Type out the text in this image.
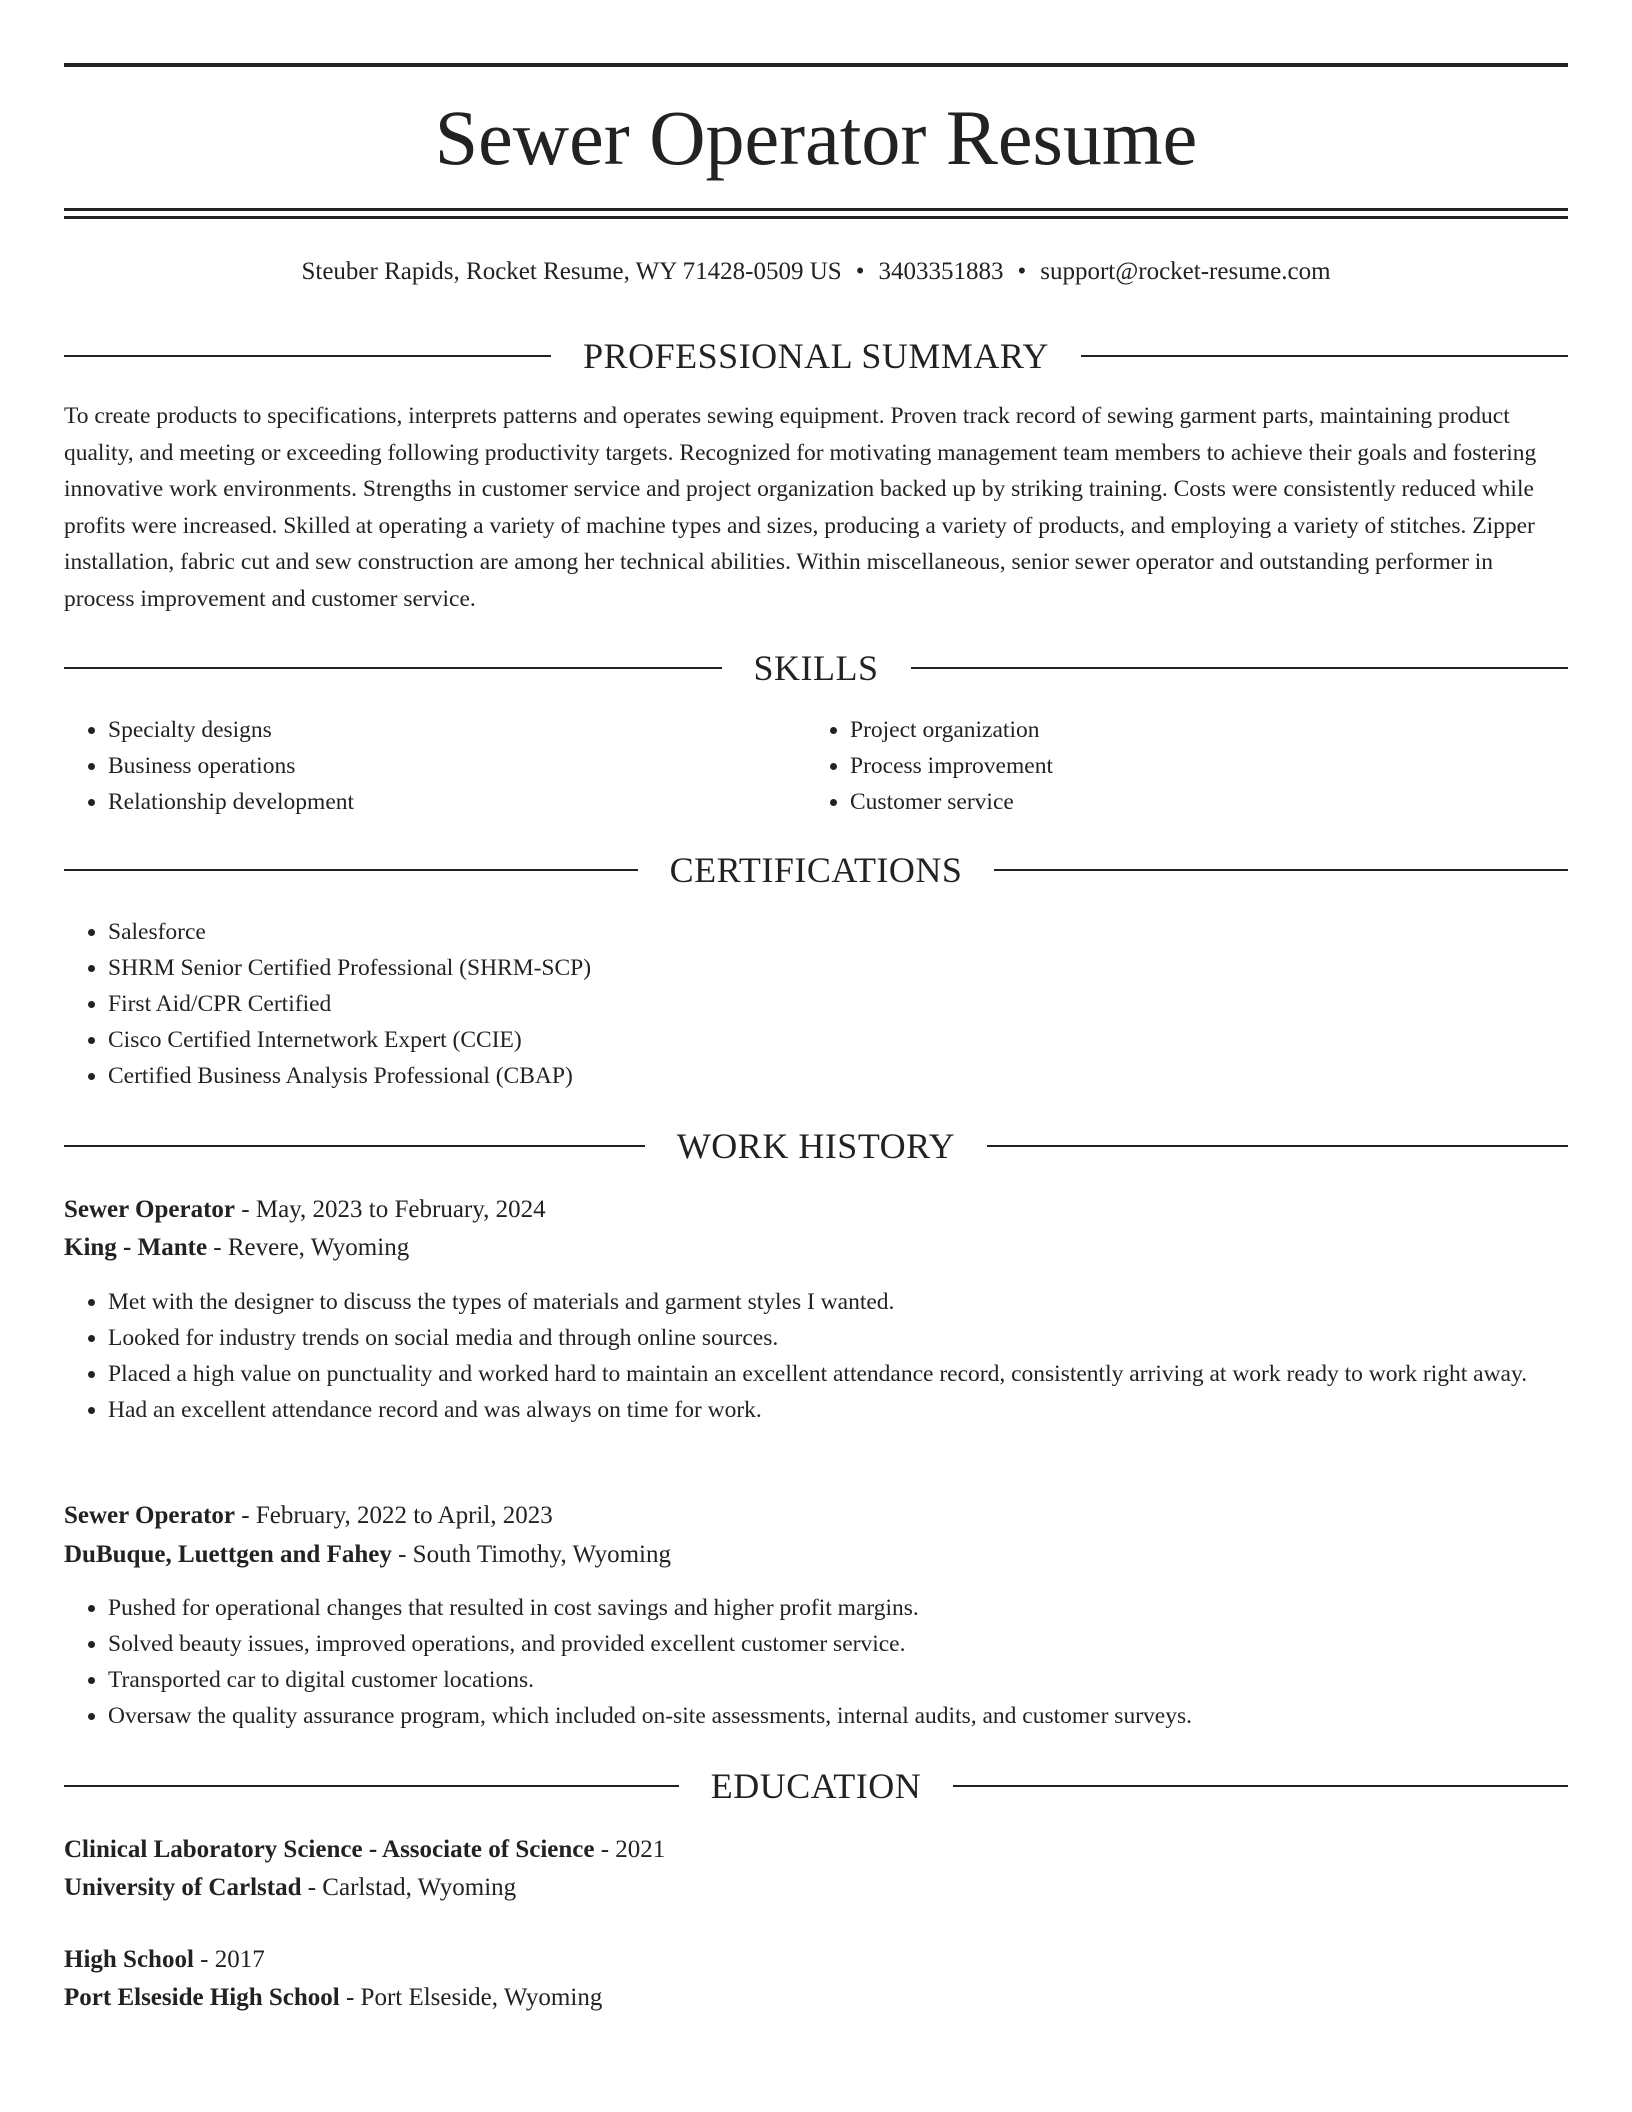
Sewer Operator Resume
Steuber Rapids, Rocket Resume, WY 71428-0509 US • 3403351883 • support@rocket-resume.com
PROFESSIONAL SUMMARY

To create products to specifications, interprets patterns and operates sewing equipment. Proven track record of sewing garment parts, maintaining product quality, and meeting or exceeding following productivity targets. Recognized for motivating management team members to achieve their goals and fostering innovative work environments. Strengths in customer service and project organization backed up by striking training. Costs were consistently reduced while profits were increased. Skilled at operating a variety of machine types and sizes, producing a variety of products, and employing a variety of stitches. Zipper installation, fabric cut and sew construction are among her technical abilities. Within miscellaneous, senior sewer operator and outstanding performer in process improvement and customer service.

SKILLS
• Specialty designs
• Business operations
• Relationship development
• Project organization
• Process improvement
• Customer service
CERTIFICATIONS
• Salesforce
• SHRM Senior Certified Professional (SHRM-SCP)
• First Aid/CPR Certified
• Cisco Certified Internetwork Expert (CCIE)
• Certified Business Analysis Professional (CBAP)
WORK HISTORY
Sewer Operator - May, 2023 to February, 2024
King - Mante - Revere, Wyoming
• Met with the designer to discuss the types of materials and garment styles I wanted.
• Looked for industry trends on social media and through online sources.
• Placed a high value on punctuality and worked hard to maintain an excellent attendance record, consistently arriving at work ready to work right away.
• Had an excellent attendance record and was always on time for work.
Sewer Operator - February, 2022 to April, 2023
DuBuque, Luettgen and Fahey - South Timothy, Wyoming
• Pushed for operational changes that resulted in cost savings and higher profit margins.
• Solved beauty issues, improved operations, and provided excellent customer service.
• Transported car to digital customer locations.
• Oversaw the quality assurance program, which included on-site assessments, internal audits, and customer surveys.
EDUCATION
Clinical Laboratory Science - Associate of Science - 2021
University of Carlstad - Carlstad, Wyoming
High School - 2017
Port Elseside High School - Port Elseside, Wyoming
